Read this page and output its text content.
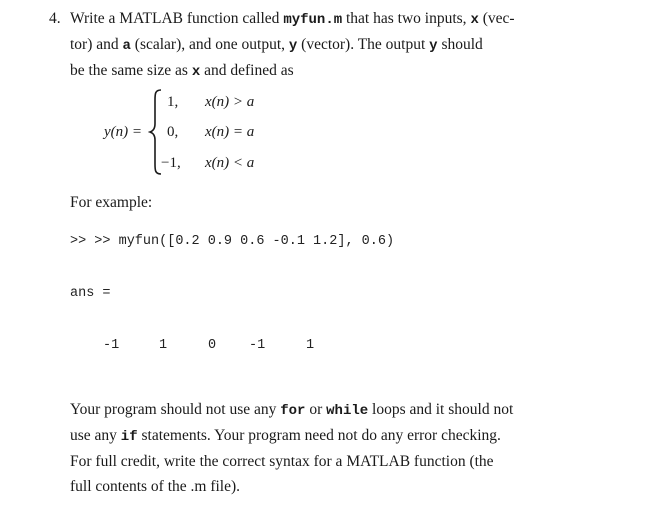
4. Write a MATLAB function called myfun.m that has two inputs, x (vec-
tor) and a (scalar), and one output, y (vector). The output y should
be the same size as x and defined as
y(n) =
1, x(n) > a
0, x(n) = a
−1, x(n) < a
For example:
>> >> myfun([0.2 0.9 0.6 -0.1 1.2], 0.6)
ans =
-1	1	0 -1	1
Your program should not use any for or while loops and it should not
use any if statements. Your program need not do any error checking.
For full credit, write the correct syntax for a MATLAB function (the
full contents of the .m file).
